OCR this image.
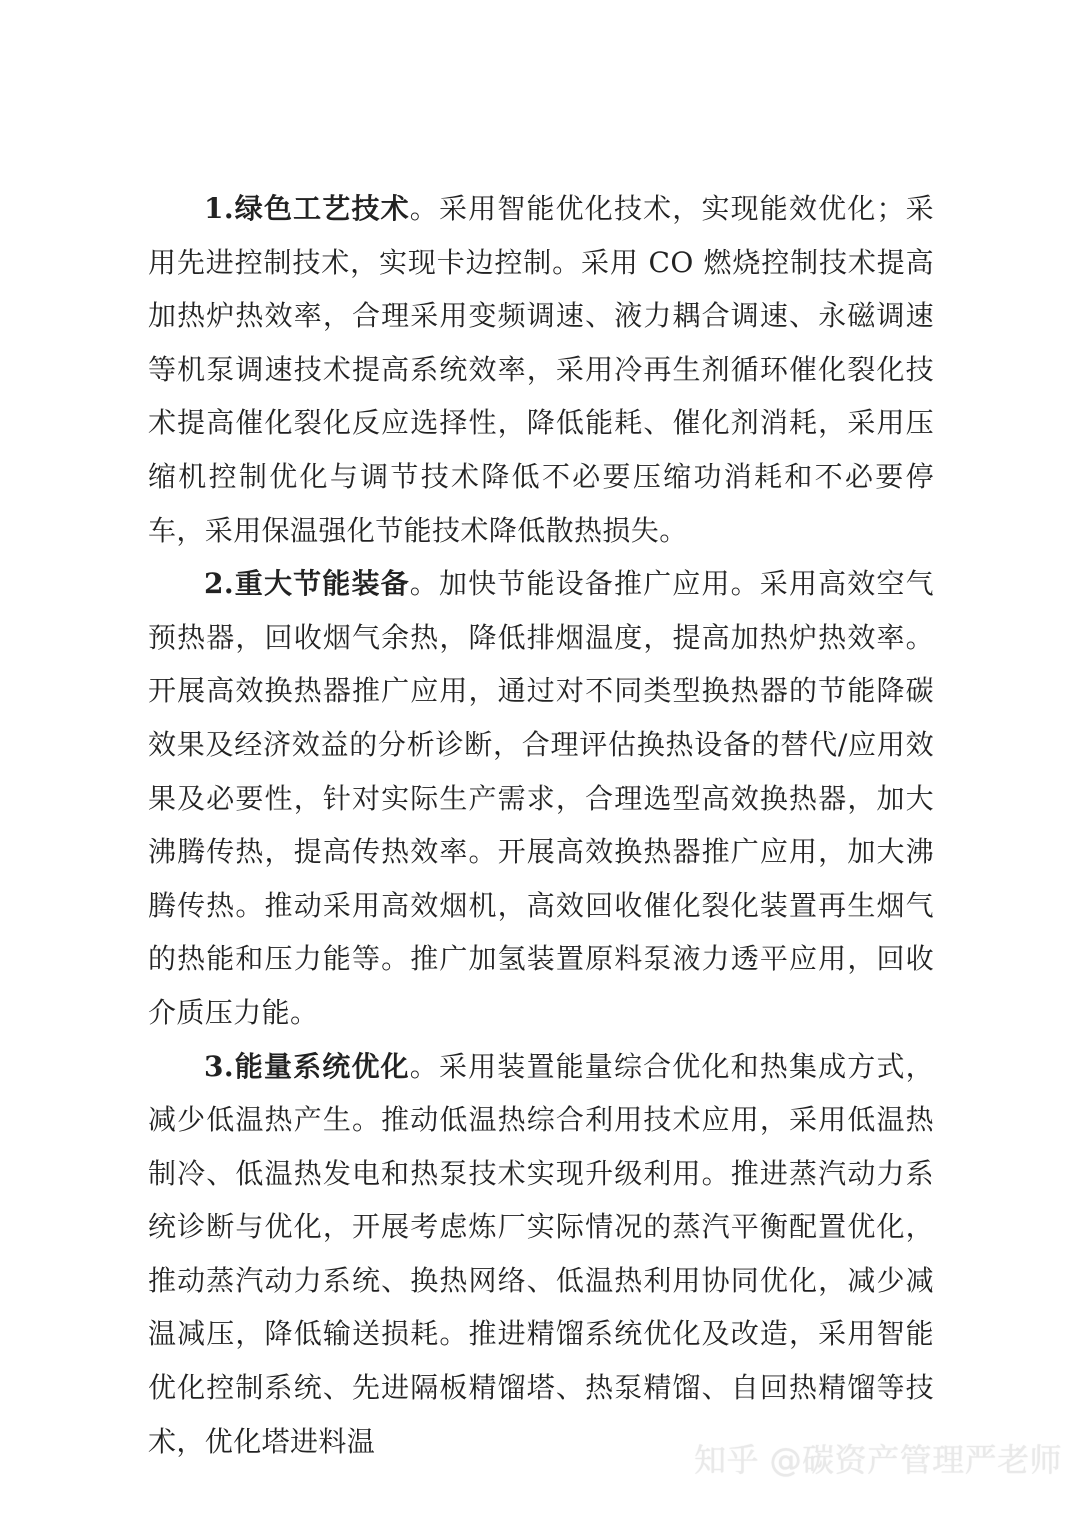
1.绿色工艺技术。采用智能优化技术，实现能效优化；采用先进控制技术，实现卡边控制。采用 CO 燃烧控制技术提高加热炉热效率，合理采用变频调速、液力耦合调速、永磁调速等机泵调速技术提高系统效率，采用冷再生剂循环催化裂化技术提高催化裂化反应选择性，降低能耗、催化剂消耗，采用压缩机控制优化与调节技术降低不必要压缩功消耗和不必要停车，采用保温强化节能技术降低散热损失。

2.重大节能装备。加快节能设备推广应用。采用高效空气预热器，回收烟气余热，降低排烟温度，提高加热炉热效率。开展高效换热器推广应用，通过对不同类型换热器的节能降碳效果及经济效益的分析诊断，合理评估换热设备的替代/应用效果及必要性，针对实际生产需求，合理选型高效换热器，加大沸腾传热，提高传热效率。开展高效换热器推广应用，加大沸腾传热。推动采用高效烟机，高效回收催化裂化装置再生烟气的热能和压力能等。推广加氢装置原料泵液力透平应用，回收介质压力能。

3.能量系统优化。采用装置能量综合优化和热集成方式，减少低温热产生。推动低温热综合利用技术应用，采用低温热制冷、低温热发电和热泵技术实现升级利用。推进蒸汽动力系统诊断与优化，开展考虑炼厂实际情况的蒸汽平衡配置优化，推动蒸汽动力系统、换热网络、低温热利用协同优化，减少减温减压，降低输送损耗。推进精馏系统优化及改造，采用智能优化控制系统、先进隔板精馏塔、热泵精馏、自回热精馏等技术，优化塔进料温	知乎 @碳资产管理严老师
